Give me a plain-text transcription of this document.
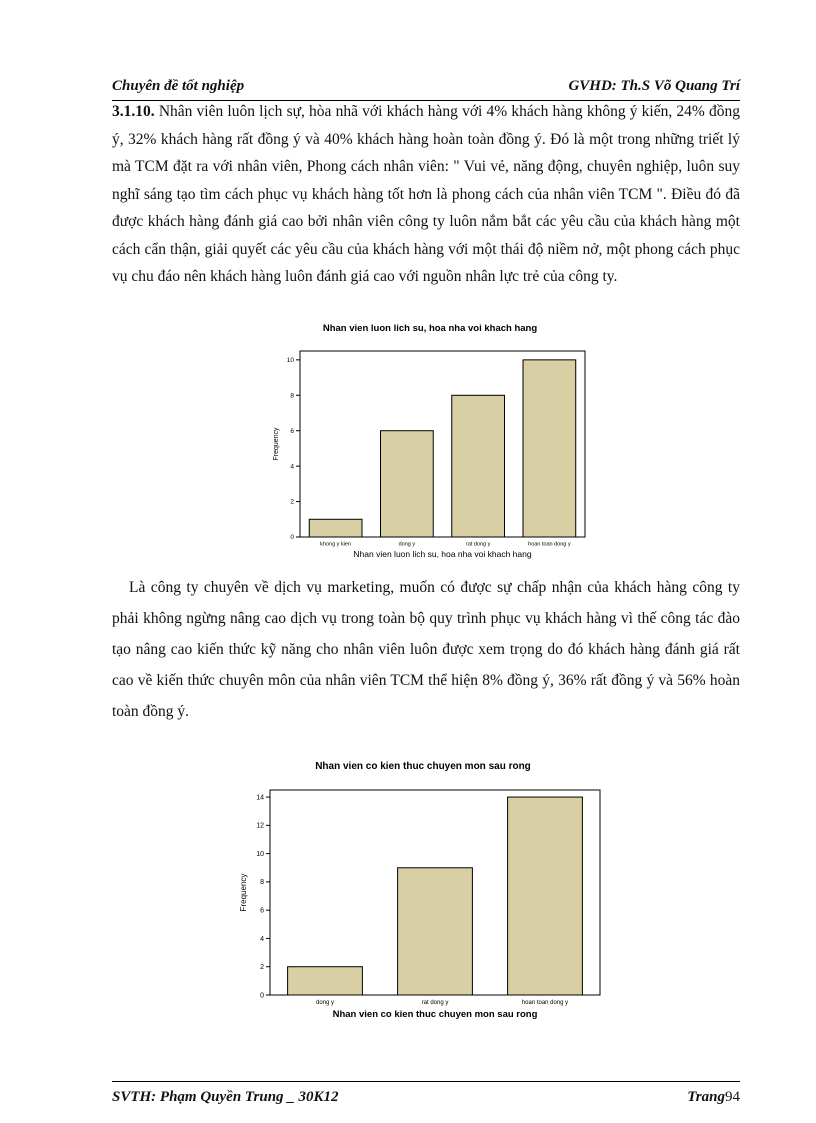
Chuyên đề tốt nghiệp	GVHD: Th.S Võ Quang Trí

3.1.10. Nhân viên luôn lịch sự, hòa nhã với khách hàng với 4% khách hàng không ý kiến, 24% đồng ý, 32% khách hàng rất đồng ý và 40% khách hàng hoàn toàn đồng ý. Đó là một trong những triết lý mà TCM đặt ra với nhân viên, Phong cách nhân viên: " Vui vẻ, năng động, chuyên nghiệp, luôn suy nghĩ sáng tạo tìm cách phục vụ khách hàng tốt hơn là phong cách của nhân viên TCM ". Điều đó đã được khách hàng đánh giá cao bởi nhân viên công ty luôn nắm bắt các yêu cầu của khách hàng một cách cẩn thận, giải quyết các yêu cầu của khách hàng với một thái độ niềm nở, một phong cách phục vụ chu đáo nên khách hàng luôn đánh giá cao với nguồn nhân lực trẻ của công ty.

Nhan vien luon lich su, hoa nha voi khach hang
0
2
4
6
8
10
Frequency
khong y kien	dong y	rat dong y	hoan toan dong y
Nhan vien luon lich su, hoa nha voi khach hang

Là công ty chuyên về dịch vụ marketing, muốn có được sự chấp nhận của khách hàng công ty phải không ngừng nâng cao dịch vụ trong toàn bộ quy trình phục vụ khách hàng vì thế công tác đào tạo nâng cao kiến thức kỹ năng cho nhân viên luôn được xem trọng do đó khách hàng đánh giá rất cao về kiến thức chuyên môn của nhân viên TCM thể hiện 8% đồng ý, 36% rất đồng ý và 56% hoàn toàn đồng ý.

Nhan vien co kien thuc chuyen mon sau rong
0
2
4
6
8
10
12
14
Frequency
dong y	rat dong y	hoan toan dong y
Nhan vien co kien thuc chuyen mon sau rong
SVTH: Phạm Quyền Trung _ 30K12	Trang94
